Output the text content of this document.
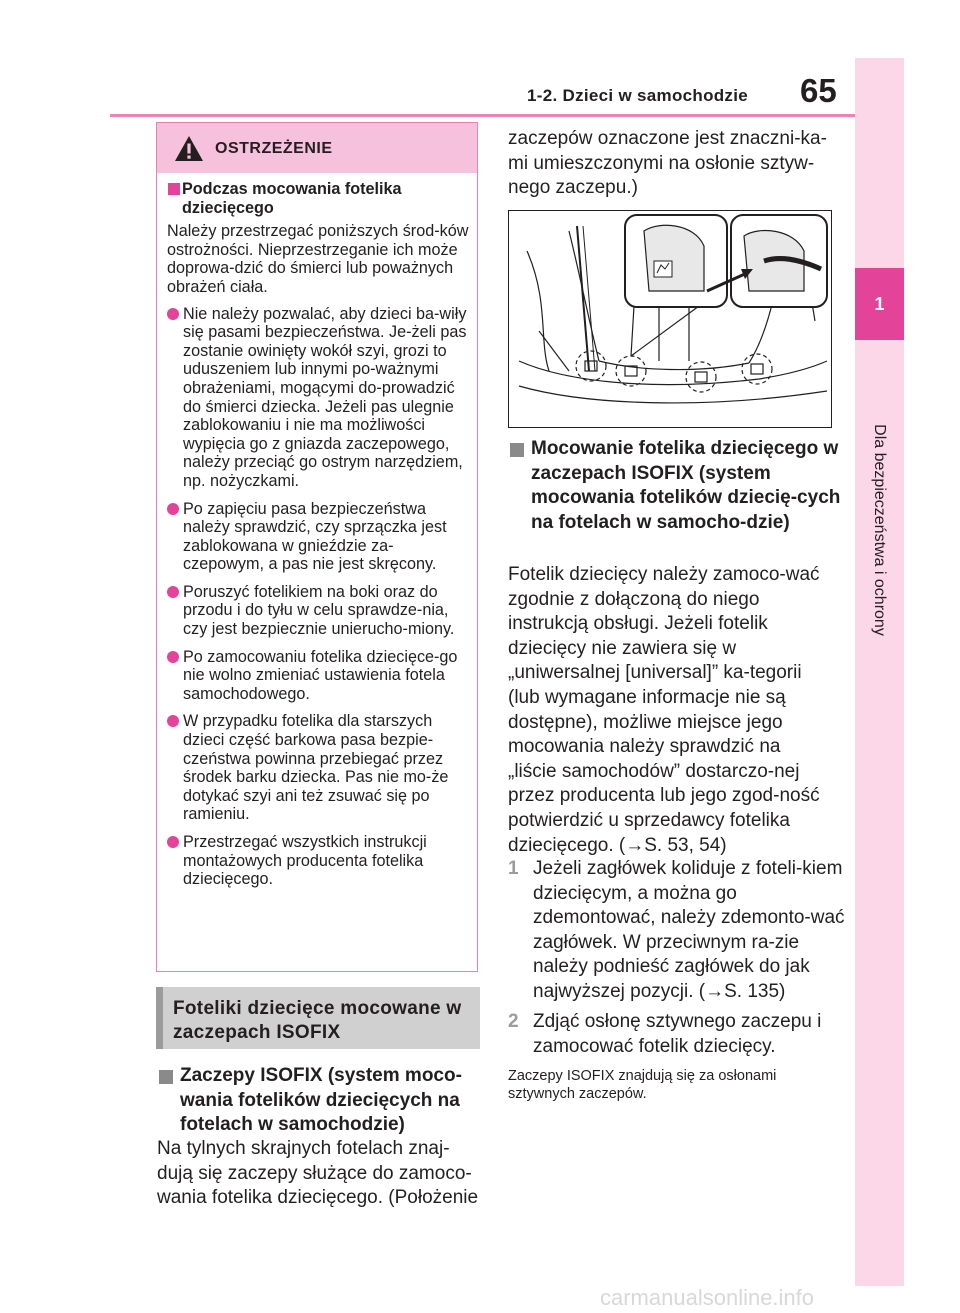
1-2. Dzieci w samochodzie 65
1
Dla bezpieczeństwa i ochrony
OSTRZEŻENIE
Podczas mocowania fotelika dziecięcego
Należy przestrzegać poniższych środ-ków ostrożności. Nieprzestrzeganie ich może doprowa-dzić do śmierci lub poważnych obrażeń ciała.
Nie należy pozwalać, aby dzieci ba-wiły się pasami bezpieczeństwa. Je-żeli pas zostanie owinięty wokół szyi, grozi to uduszeniem lub innymi po-ważnymi obrażeniami, mogącymi do-prowadzić do śmierci dziecka. Jeżeli pas ulegnie zablokowaniu i nie ma możliwości wypięcia go z gniazda zaczepowego, należy przeciąć go ostrym narzędziem, np. nożyczkami.
Po zapięciu pasa bezpieczeństwa należy sprawdzić, czy sprzączka jest zablokowana w gnieździe za-czepowym, a pas nie jest skręcony.
Poruszyć fotelikiem na boki oraz do przodu i do tyłu w celu sprawdze-nia, czy jest bezpiecznie unierucho-miony.
Po zamocowaniu fotelika dziecięce-go nie wolno zmieniać ustawienia fotela samochodowego.
W przypadku fotelika dla starszych dzieci część barkowa pasa bezpie-czeństwa powinna przebiegać przez środek barku dziecka. Pas nie mo-że dotykać szyi ani też zsuwać się po ramieniu.
Przestrzegać wszystkich instrukcji montażowych producenta fotelika dziecięcego.
Foteliki dziecięce mocowane w zaczepach ISOFIX
Zaczepy ISOFIX (system moco-wania fotelików dziecięcych na fotelach w samochodzie)
Na tylnych skrajnych fotelach znaj-dują się zaczepy służące do zamoco-wania fotelika dziecięcego. (Położenie
zaczepów oznaczone jest znaczni-ka-mi umieszczonymi na osłonie sztyw-nego zaczepu.)
Mocowanie fotelika dziecięcego w zaczepach ISOFIX (system mocowania fotelików dziecię-cych na fotelach w samocho-dzie)
Fotelik dziecięcy należy zamoco-wać zgodnie z dołączoną do niego instrukcją obsługi. Jeżeli fotelik dziecięcy nie zawiera się w „uniwersalnej [universal]” ka-tegorii (lub wymagane informacje nie są dostępne), możliwe miejsce jego mocowania należy sprawdzić na „liście samochodów” dostarczo-nej przez producenta lub jego zgod-ność potwierdzić u sprzedawcy fotelika dziecięcego. (→S. 53, 54)
1 Jeżeli zagłówek koliduje z foteli-kiem dziecięcym, a można go zdemontować, należy zdemonto-wać zagłówek. W przeciwnym ra-zie należy podnieść zagłówek do jak najwyższej pozycji. (→S. 135)
2 Zdjąć osłonę sztywnego zaczepu i zamocować fotelik dziecięcy.
Zaczepy ISOFIX znajdują się za osłonami sztywnych zaczepów.
carmanualsonline.info
